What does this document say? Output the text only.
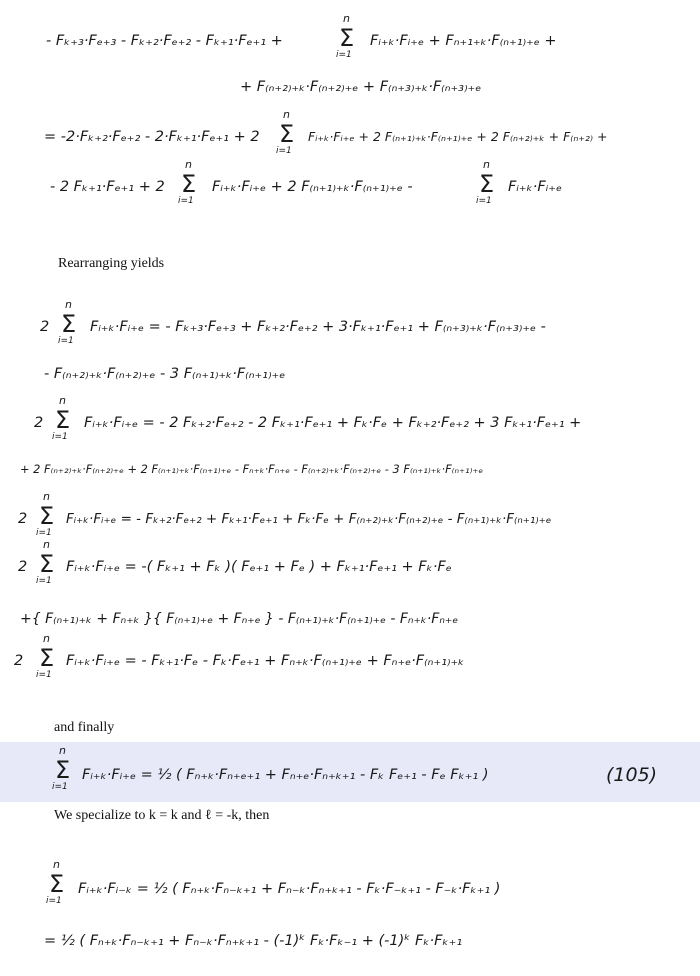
- Fₖ₊₃·Fₑ₊₃ - Fₖ₊₂·Fₑ₊₂ - Fₖ₊₁·Fₑ₊₁ +
n
Σ
i=1
Fᵢ₊ₖ·Fᵢ₊ₑ + Fₙ₊₁₊ₖ·F₍ₙ₊₁₎₊ₑ +
+ F₍ₙ₊₂₎₊ₖ·F₍ₙ₊₂₎₊ₑ + F₍ₙ₊₃₎₊ₖ·F₍ₙ₊₃₎₊ₑ
= -2·Fₖ₊₂·Fₑ₊₂ - 2·Fₖ₊₁·Fₑ₊₁ + 2
n
Σ
i=1
Fᵢ₊ₖ·Fᵢ₊ₑ + 2 F₍ₙ₊₁₎₊ₖ·F₍ₙ₊₁₎₊ₑ + 2 F₍ₙ₊₂₎₊ₖ + F₍ₙ₊₂₎ +
- 2 Fₖ₊₁·Fₑ₊₁ + 2
n
Σ
i=1
Fᵢ₊ₖ·Fᵢ₊ₑ + 2 F₍ₙ₊₁₎₊ₖ·F₍ₙ₊₁₎₊ₑ -
n
Σ
i=1
Fᵢ₊ₖ·Fᵢ₊ₑ
Rearranging yields
2
n
Σ
i=1
Fᵢ₊ₖ·Fᵢ₊ₑ = - Fₖ₊₃·Fₑ₊₃ + Fₖ₊₂·Fₑ₊₂ + 3·Fₖ₊₁·Fₑ₊₁ + F₍ₙ₊₃₎₊ₖ·F₍ₙ₊₃₎₊ₑ -
- F₍ₙ₊₂₎₊ₖ·F₍ₙ₊₂₎₊ₑ - 3 F₍ₙ₊₁₎₊ₖ·F₍ₙ₊₁₎₊ₑ
2
n
Σ
i=1
Fᵢ₊ₖ·Fᵢ₊ₑ = - 2 Fₖ₊₂·Fₑ₊₂ - 2 Fₖ₊₁·Fₑ₊₁ + Fₖ·Fₑ + Fₖ₊₂·Fₑ₊₂ + 3 Fₖ₊₁·Fₑ₊₁ +
+ 2 F₍ₙ₊₂₎₊ₖ·F₍ₙ₊₂₎₊ₑ + 2 F₍ₙ₊₁₎₊ₖ·F₍ₙ₊₁₎₊ₑ - Fₙ₊ₖ·Fₙ₊ₑ - F₍ₙ₊₂₎₊ₖ·F₍ₙ₊₂₎₊ₑ - 3 F₍ₙ₊₁₎₊ₖ·F₍ₙ₊₁₎₊ₑ
2
n
Σ
i=1
Fᵢ₊ₖ·Fᵢ₊ₑ = - Fₖ₊₂·Fₑ₊₂ + Fₖ₊₁·Fₑ₊₁ + Fₖ·Fₑ + F₍ₙ₊₂₎₊ₖ·F₍ₙ₊₂₎₊ₑ - F₍ₙ₊₁₎₊ₖ·F₍ₙ₊₁₎₊ₑ
2
n
Σ
i=1
Fᵢ₊ₖ·Fᵢ₊ₑ = -( Fₖ₊₁ + Fₖ )( Fₑ₊₁ + Fₑ ) + Fₖ₊₁·Fₑ₊₁ + Fₖ·Fₑ
+{ F₍ₙ₊₁₎₊ₖ + Fₙ₊ₖ }{ F₍ₙ₊₁₎₊ₑ + Fₙ₊ₑ } - F₍ₙ₊₁₎₊ₖ·F₍ₙ₊₁₎₊ₑ - Fₙ₊ₖ·Fₙ₊ₑ
2
n
Σ
i=1
Fᵢ₊ₖ·Fᵢ₊ₑ = - Fₖ₊₁·Fₑ - Fₖ·Fₑ₊₁ + Fₙ₊ₖ·F₍ₙ₊₁₎₊ₑ + Fₙ₊ₑ·F₍ₙ₊₁₎₊ₖ
and finally
n
Σ
i=1
Fᵢ₊ₖ·Fᵢ₊ₑ = ½ ( Fₙ₊ₖ·Fₙ₊ₑ₊₁ + Fₙ₊ₑ·Fₙ₊ₖ₊₁ - Fₖ Fₑ₊₁ - Fₑ Fₖ₊₁ )	(105)
We specialize to k = k and ℓ = -k, then
n
Σ
i=1
Fᵢ₊ₖ·Fᵢ₋ₖ = ½ ( Fₙ₊ₖ·Fₙ₋ₖ₊₁ + Fₙ₋ₖ·Fₙ₊ₖ₊₁ - Fₖ·F₋ₖ₊₁ - F₋ₖ·Fₖ₊₁ )
= ½ ( Fₙ₊ₖ·Fₙ₋ₖ₊₁ + Fₙ₋ₖ·Fₙ₊ₖ₊₁ - (-1)ᵏ Fₖ·Fₖ₋₁ + (-1)ᵏ Fₖ·Fₖ₊₁
